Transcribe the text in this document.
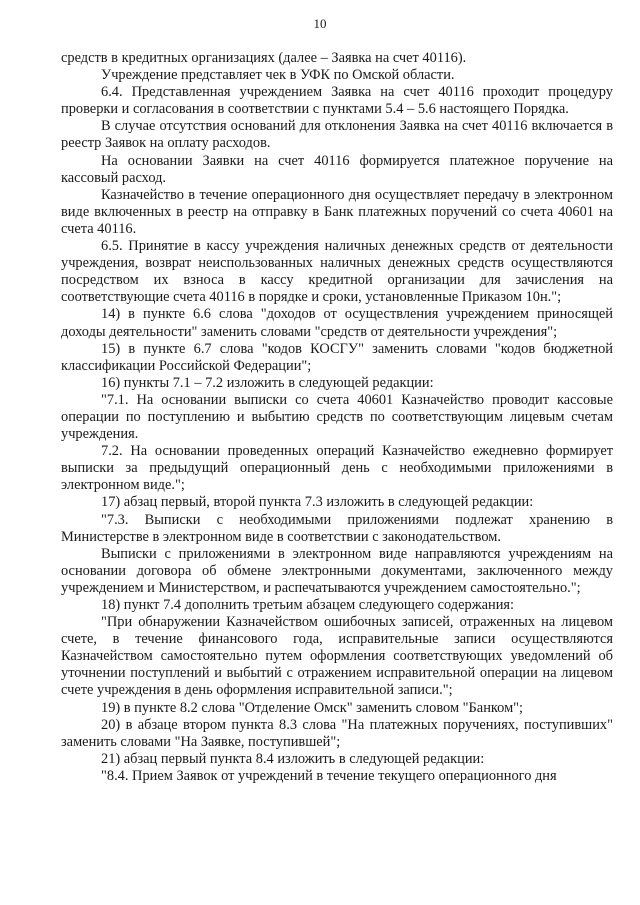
10

средств в кредитных организациях (далее – Заявка на счет 40116).

Учреждение представляет чек в УФК по Омской области.

6.4. Представленная учреждением Заявка на счет 40116 проходит процедуру проверки и согласования в соответствии с пунктами 5.4 – 5.6 настоящего Порядка.

В случае отсутствия оснований для отклонения Заявка на счет 40116 включается в реестр Заявок на оплату расходов.

На основании Заявки на счет 40116 формируется платежное поручение на кассовый расход.

Казначейство в течение операционного дня осуществляет передачу в электронном виде включенных в реестр на отправку в Банк платежных поручений со счета 40601 на счета 40116.

6.5. Принятие в кассу учреждения наличных денежных средств от деятельности учреждения, возврат неиспользованных наличных денежных средств осуществляются посредством их взноса в кассу кредитной организации для зачисления на соответствующие счета 40116 в порядке и сроки, установленные Приказом 10н.";

14) в пункте 6.6 слова "доходов от осуществления учреждением приносящей доходы деятельности" заменить словами "средств от деятельности учреждения";

15) в пункте 6.7 слова "кодов КОСГУ" заменить словами "кодов бюджетной классификации Российской Федерации";

16) пункты 7.1 – 7.2 изложить в следующей редакции:

"7.1. На основании выписки со счета 40601 Казначейство проводит кассовые операции по поступлению и выбытию средств по соответствующим лицевым счетам учреждения.

7.2. На основании проведенных операций Казначейство ежедневно формирует выписки за предыдущий операционный день с необходимыми приложениями в электронном виде.";

17) абзац первый, второй пункта 7.3 изложить в следующей редакции:

"7.3. Выписки с необходимыми приложениями подлежат хранению в Министерстве в электронном виде в соответствии с законодательством.

Выписки с приложениями в электронном виде направляются учреждениям на основании договора об обмене электронными документами, заключенного между учреждением и Министерством, и распечатываются учреждением самостоятельно.";

18) пункт 7.4 дополнить третьим абзацем следующего содержания:

"При обнаружении Казначейством ошибочных записей, отраженных на лицевом счете, в течение финансового года, исправительные записи осуществляются Казначейством самостоятельно путем оформления соответствующих уведомлений об уточнении поступлений и выбытий с отражением исправительной операции на лицевом счете учреждения в день оформления исправительной записи.";

19) в пункте 8.2 слова "Отделение Омск" заменить словом "Банком";

20) в абзаце втором пункта 8.3 слова "На платежных поручениях, поступивших" заменить словами "На Заявке, поступившей";

21) абзац первый пункта 8.4 изложить в следующей редакции:

"8.4. Прием Заявок от учреждений в течение текущего операционного дня
